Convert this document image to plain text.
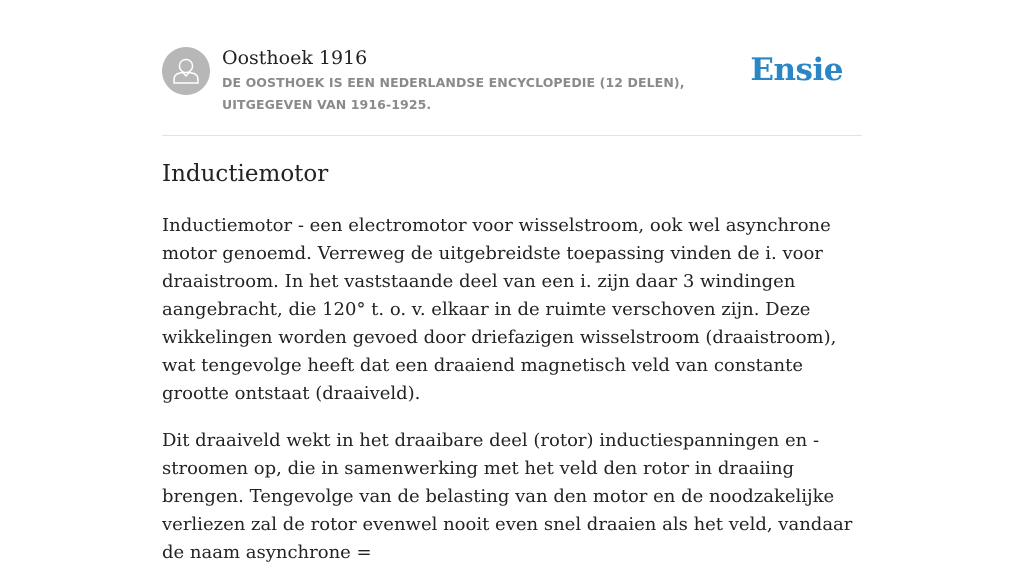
Oosthoek 1916
DE OOSTHOEK IS EEN NEDERLANDSE ENCYCLOPEDIE (12 DELEN), UITGEGEVEN VAN 1916-1925.
Ensie
Inductiemotor

Inductiemotor - een electromotor voor wisselstroom, ook wel asynchrone motor genoemd. Verreweg de uitgebreidste toepassing vinden de i. voor draaistroom. In het vaststaande deel van een i. zijn daar 3 windingen aangebracht, die 120° t. o. v. elkaar in de ruimte verschoven zijn. Deze wikkelingen worden gevoed door driefazigen wisselstroom (draaistroom), wat tengevolge heeft dat een draaiend magnetisch veld van constante grootte ontstaat (draaiveld).

Dit draaiveld wekt in het draaibare deel (rotor) inductiespanningen en -stroomen op, die in samenwerking met het veld den rotor in draaiing brengen. Tengevolge van de belasting van den motor en de noodzakelijke verliezen zal de rotor evenwel nooit even snel draaien als het veld, vandaar de naam asynchrone =
